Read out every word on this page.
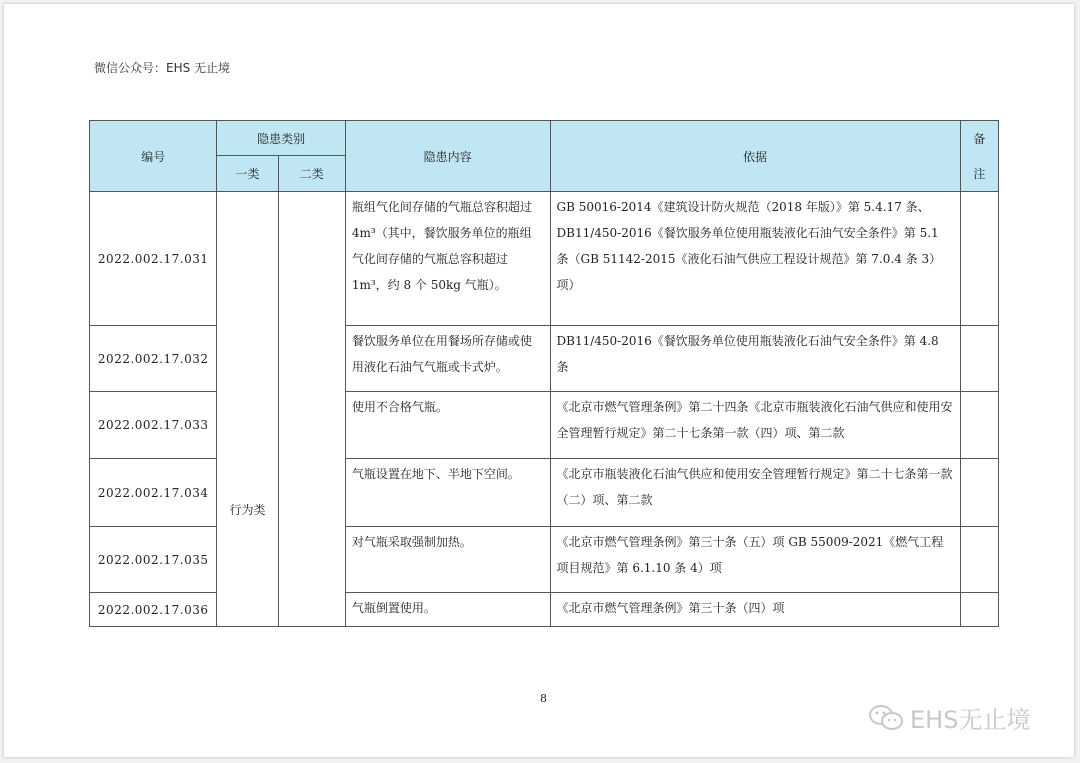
微信公众号：EHS 无止境
编号	隐患类别		隐患内容	依据	备
注

	一类	二类			
2022.002.17.031	行为类		瓶组气化间存储的气瓶总容积超过 4m³（其中，餐饮服务单位的瓶组气化间存储的气瓶总容积超过 1m³，约 8 个 50kg 气瓶）。	GB 50016-2014《建筑设计防火规范（2018 年版）》第 5.4.17 条、DB11/450-2016《餐饮服务单位使用瓶装液化石油气安全条件》第 5.1 条（GB 51142-2015《液化石油气供应工程设计规范》第 7.0.4 条 3）项）	
2022.002.17.032			餐饮服务单位在用餐场所存储或使用液化石油气气瓶或卡式炉。	DB11/450-2016《餐饮服务单位使用瓶装液化石油气安全条件》第 4.8 条	
2022.002.17.033			使用不合格气瓶。	《北京市燃气管理条例》第二十四条《北京市瓶装液化石油气供应和使用安全管理暂行规定》第二十七条第一款（四）项、第二款	
2022.002.17.034			气瓶设置在地下、半地下空间。	《北京市瓶装液化石油气供应和使用安全管理暂行规定》第二十七条第一款（二）项、第二款	
2022.002.17.035			对气瓶采取强制加热。	《北京市燃气管理条例》第三十条（五）项 GB 55009-2021《燃气工程项目规范》第 6.1.10 条 4）项	
2022.002.17.036			气瓶倒置使用。	《北京市燃气管理条例》第三十条（四）项	
8
EHS无止境
